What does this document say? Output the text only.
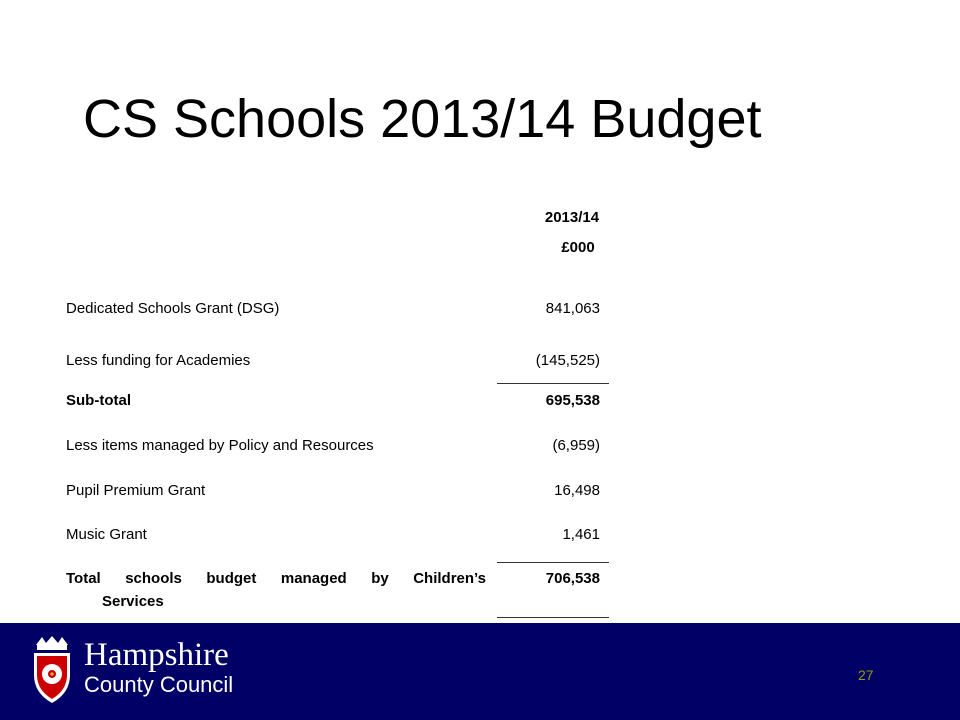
CS Schools 2013/14 Budget
2013/14
£000
Dedicated Schools Grant (DSG)	841,063
Less funding for Academies	(145,525)
Sub-total	695,538
Less items managed by Policy and Resources	(6,959)
Pupil Premium Grant	16,498
Music Grant	1,461
Total schools budget managed by Children’s	706,538
Services
Hampshire
County Council	27
